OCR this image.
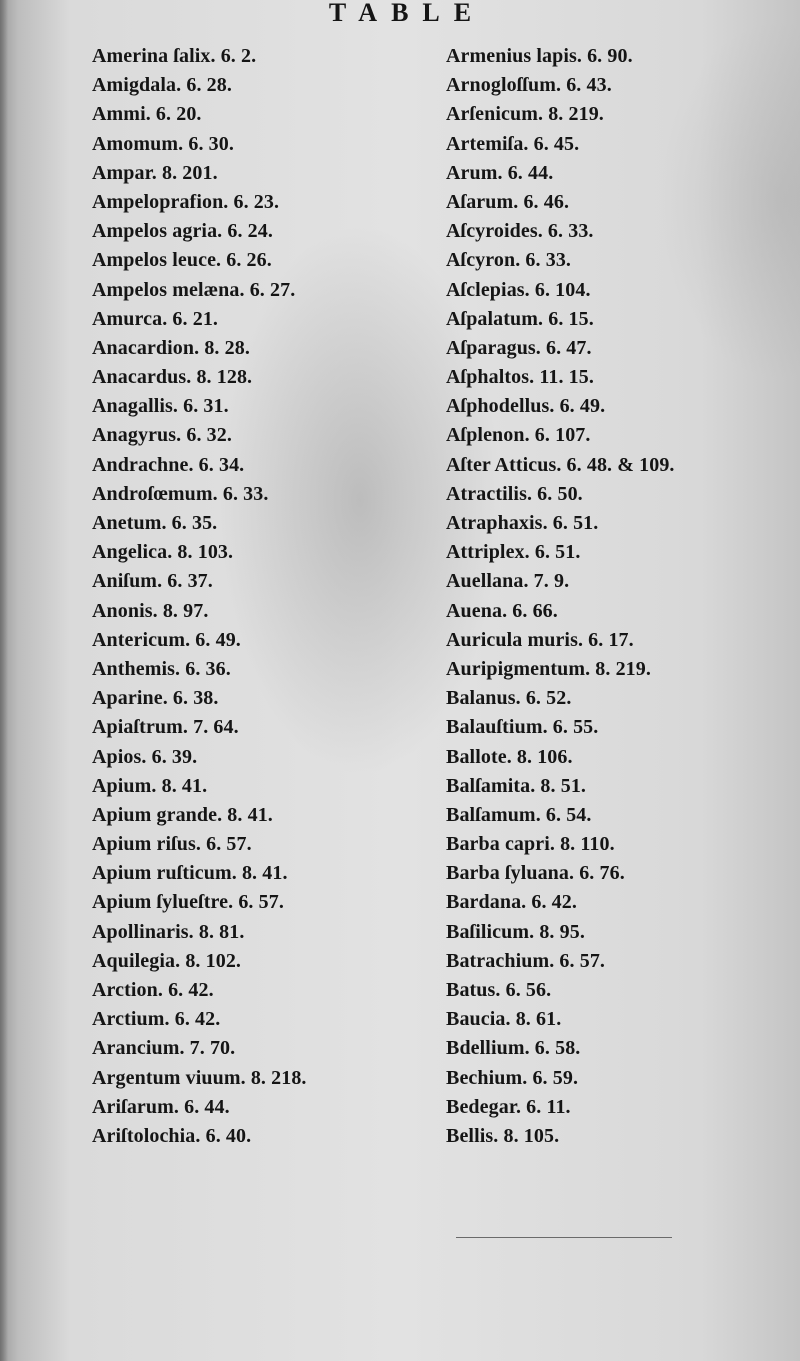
TABLE
Amerina ſalix. 6. 2.
Amigdala. 6. 28.
Ammi. 6. 20.
Amomum. 6. 30.
Ampar. 8. 201.
Ampeloprafion. 6. 23.
Ampelos agria. 6. 24.
Ampelos leuce. 6. 26.
Ampelos melæna. 6. 27.
Amurca. 6. 21.
Anacardion. 8. 28.
Anacardus. 8. 128.
Anagallis. 6. 31.
Anagyrus. 6. 32.
Andrachne. 6. 34.
Androſœmum. 6. 33.
Anetum. 6. 35.
Angelica. 8. 103.
Aniſum. 6. 37.
Anonis. 8. 97.
Antericum. 6. 49.
Anthemis. 6. 36.
Aparine. 6. 38.
Apiaſtrum. 7. 64.
Apios. 6. 39.
Apium. 8. 41.
Apium grande. 8. 41.
Apium riſus. 6. 57.
Apium ruſticum. 8. 41.
Apium ſylueſtre. 6. 57.
Apollinaris. 8. 81.
Aquilegia. 8. 102.
Arction. 6. 42.
Arctium. 6. 42.
Arancium. 7. 70.
Argentum viuum. 8. 218.
Ariſarum. 6. 44.
Ariſtolochia. 6. 40.
Armenius lapis. 6. 90.
Arnogloſſum. 6. 43.
Arſenicum. 8. 219.
Artemiſa. 6. 45.
Arum. 6. 44.
Aſarum. 6. 46.
Aſcyroides. 6. 33.
Aſcyron. 6. 33.
Aſclepias. 6. 104.
Aſpalatum. 6. 15.
Aſparagus. 6. 47.
Aſphaltos. 11. 15.
Aſphodellus. 6. 49.
Aſplenon. 6. 107.
Aſter Atticus. 6. 48. & 109.
Atractilis. 6. 50.
Atraphaxis. 6. 51.
Attriplex. 6. 51.
Auellana. 7. 9.
Auena. 6. 66.
Auricula muris. 6. 17.
Auripigmentum. 8. 219.
Balanus. 6. 52.
Balauſtium. 6. 55.
Ballote. 8. 106.
Balſamita. 8. 51.
Balſamum. 6. 54.
Barba capri. 8. 110.
Barba ſyluana. 6. 76.
Bardana. 6. 42.
Baſilicum. 8. 95.
Batrachium. 6. 57.
Batus. 6. 56.
Baucia. 8. 61.
Bdellium. 6. 58.
Bechium. 6. 59.
Bedegar. 6. 11.
Bellis. 8. 105.
